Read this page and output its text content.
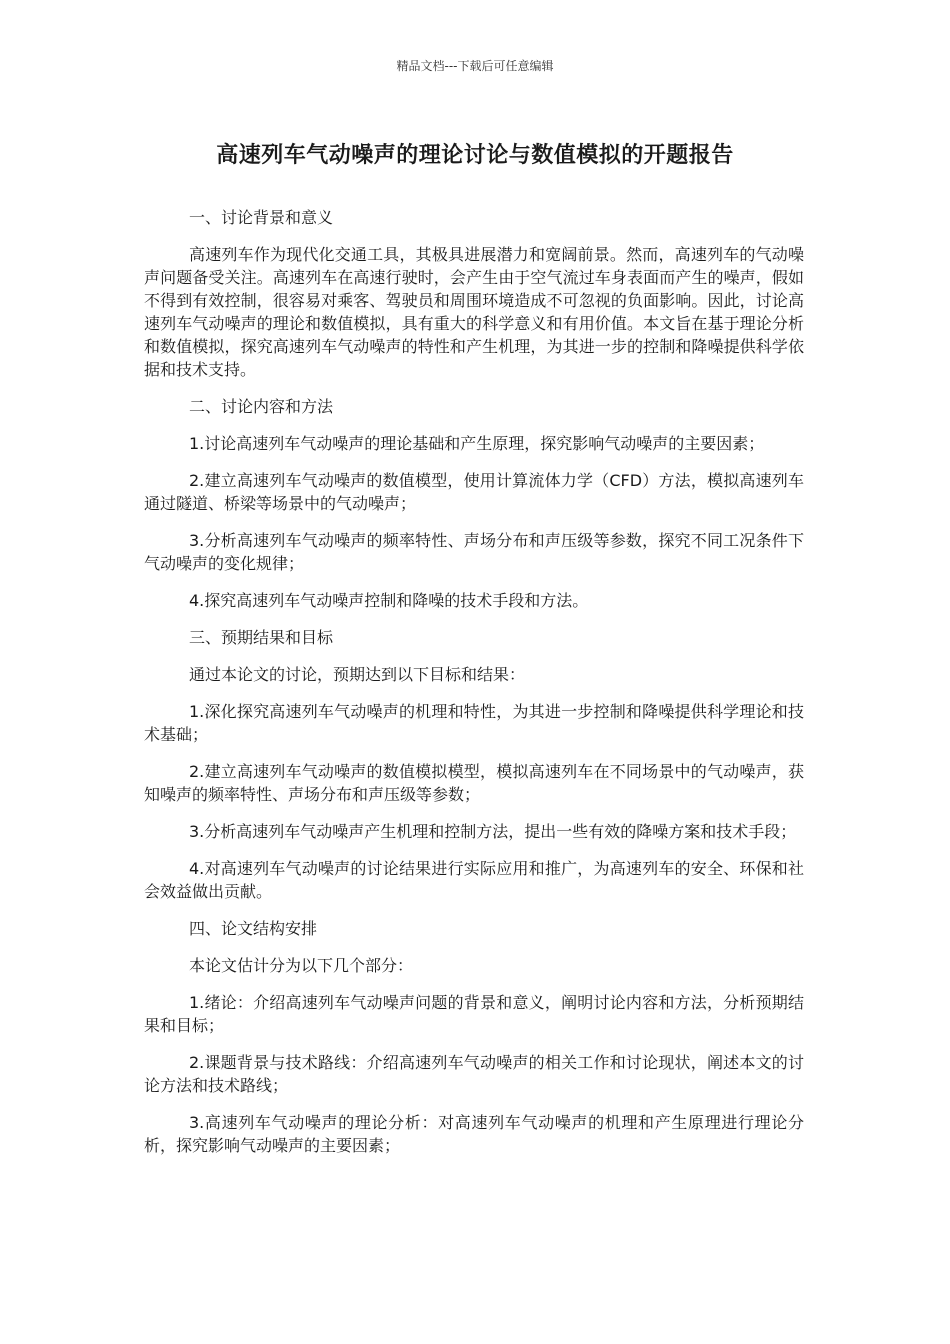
精品文档---下载后可任意编辑
高速列车气动噪声的理论讨论与数值模拟的开题报告

一、讨论背景和意义

高速列车作为现代化交通工具，其极具进展潜力和宽阔前景。然而，高速列车的气动噪声问题备受关注。高速列车在高速行驶时，会产生由于空气流过车身表面而产生的噪声，假如不得到有效控制，很容易对乘客、驾驶员和周围环境造成不可忽视的负面影响。因此，讨论高速列车气动噪声的理论和数值模拟，具有重大的科学意义和有用价值。本文旨在基于理论分析和数值模拟，探究高速列车气动噪声的特性和产生机理，为其进一步的控制和降噪提供科学依据和技术支持。

二、讨论内容和方法

1.讨论高速列车气动噪声的理论基础和产生原理，探究影响气动噪声的主要因素；

2.建立高速列车气动噪声的数值模型，使用计算流体力学（CFD）方法，模拟高速列车通过隧道、桥梁等场景中的气动噪声；

3.分析高速列车气动噪声的频率特性、声场分布和声压级等参数，探究不同工况条件下气动噪声的变化规律；

4.探究高速列车气动噪声控制和降噪的技术手段和方法。

三、预期结果和目标

通过本论文的讨论，预期达到以下目标和结果：

1.深化探究高速列车气动噪声的机理和特性，为其进一步控制和降噪提供科学理论和技术基础；

2.建立高速列车气动噪声的数值模拟模型，模拟高速列车在不同场景中的气动噪声，获知噪声的频率特性、声场分布和声压级等参数；

3.分析高速列车气动噪声产生机理和控制方法，提出一些有效的降噪方案和技术手段；

4.对高速列车气动噪声的讨论结果进行实际应用和推广，为高速列车的安全、环保和社会效益做出贡献。

四、论文结构安排

本论文估计分为以下几个部分：

1.绪论：介绍高速列车气动噪声问题的背景和意义，阐明讨论内容和方法，分析预期结果和目标；

2.课题背景与技术路线：介绍高速列车气动噪声的相关工作和讨论现状，阐述本文的讨论方法和技术路线；

3.高速列车气动噪声的理论分析：对高速列车气动噪声的机理和产生原理进行理论分析，探究影响气动噪声的主要因素；
